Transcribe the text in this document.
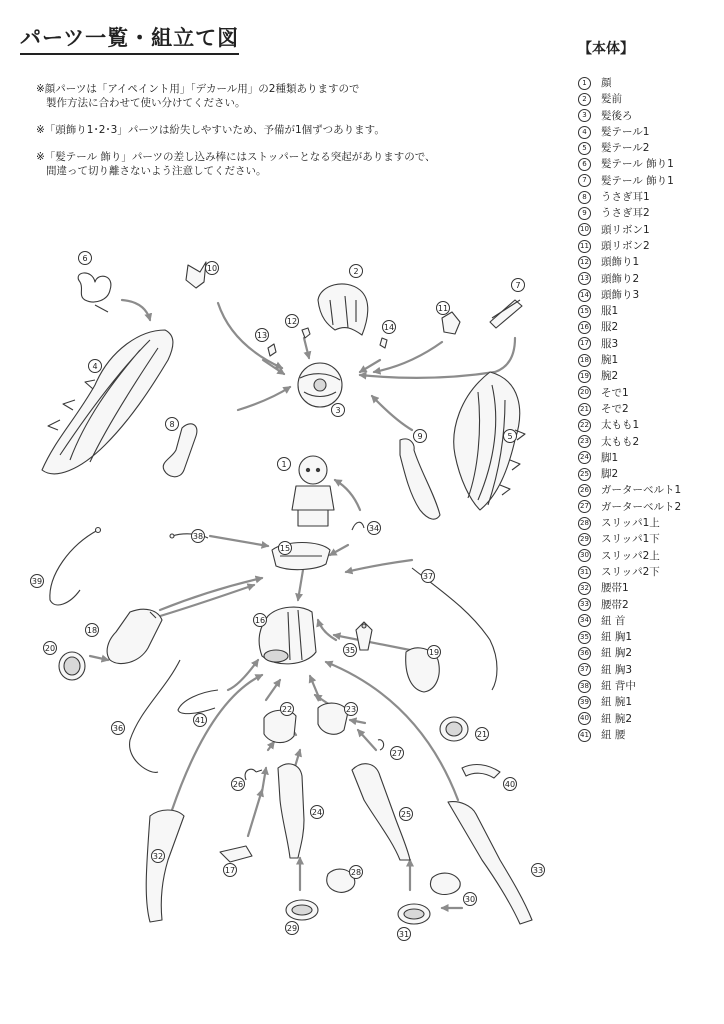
パーツ一覧・組立て図
※顔パーツは「アイペイント用」「デカール用」の2種類ありますので
製作方法に合わせて使い分けてください。
※「頭飾り1･2･3」パーツは紛失しやすいため、予備が1個ずつあります。
※「髪テール 飾り」パーツの差し込み棒にはストッパーとなる突起がありますので、
間違って切り離さないよう注意してください。
【本体】
1 顔
2 髪前
3 髪後ろ
4 髪テール1
5 髪テール2
6 髪テール 飾り1
7 髪テール 飾り1
8 うさぎ耳1
9 うさぎ耳2
10 頭リボン1
11 頭リボン2
12 頭飾り1
13 頭飾り2
14 頭飾り3
15 服1
16 服2
17 服3
18 腕1
19 腕2
20 そで1
21 そで2
22 太もも1
23 太もも2
24 脚1
25 脚2
26 ガーターベルト1
27 ガーターベルト2
28 スリッパ1上
29 スリッパ1下
30 スリッパ2上
31 スリッパ2下
32 腰帯1
33 腰帯2
34 紐 首
35 紐 胸1
36 紐 胸2
37 紐 胸3
38 紐 背中
39 紐 腕1
40 紐 腕2
41 紐 腰
1
2
3
4
5
6
7
8
9
10
11
12
13
14
15
16
17
18
19
20
21
22	23
24	25
26
27
28
29
30
31
32
33
34
35
36
37
38
39
40
41
